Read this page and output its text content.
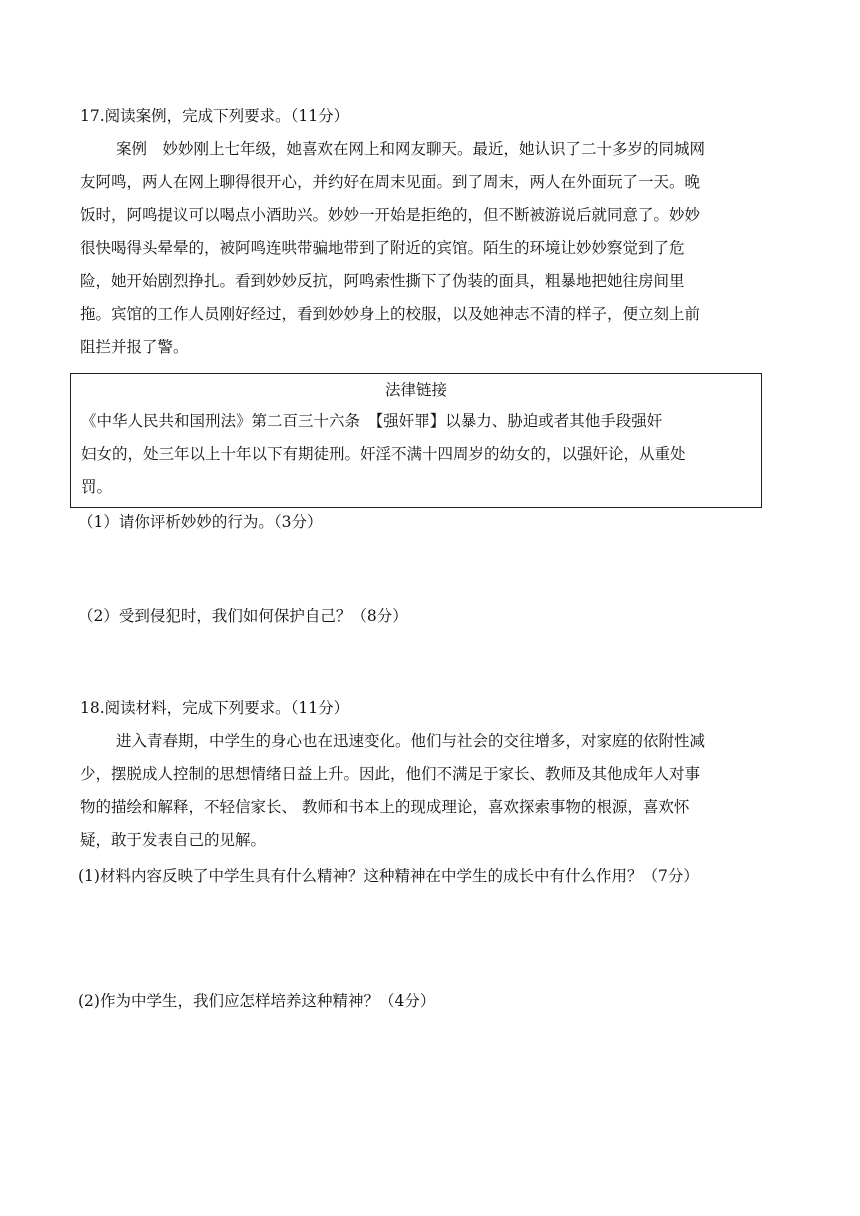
17.阅读案例，完成下列要求。（11分）
案例　妙妙刚上七年级，她喜欢在网上和网友聊天。最近，她认识了二十多岁的同城网
友阿鸣，两人在网上聊得很开心，并约好在周末见面。到了周末，两人在外面玩了一天。晚
饭时，阿鸣提议可以喝点小酒助兴。妙妙一开始是拒绝的，但不断被游说后就同意了。妙妙
很快喝得头晕晕的，被阿鸣连哄带骗地带到了附近的宾馆。陌生的环境让妙妙察觉到了危
险，她开始剧烈挣扎。看到妙妙反抗，阿鸣索性撕下了伪装的面具，粗暴地把她往房间里
拖。宾馆的工作人员刚好经过，看到妙妙身上的校服，以及她神志不清的样子，便立刻上前
阻拦并报了警。
法律链接
《中华人民共和国刑法》第二百三十六条　【强奸罪】以暴力、胁迫或者其他手段强奸
妇女的，处三年以上十年以下有期徒刑。奸淫不满十四周岁的幼女的，以强奸论，从重处
罚。
（1）请你评析妙妙的行为。（3分）
（2）受到侵犯时，我们如何保护自己？（8分）
18.阅读材料，完成下列要求。（11分）
进入青春期，中学生的身心也在迅速变化。他们与社会的交往增多，对家庭的依附性减
少，摆脱成人控制的思想情绪日益上升。因此，他们不满足于家长、教师及其他成年人对事
物的描绘和解释，不轻信家长、 教师和书本上的现成理论，喜欢探索事物的根源，喜欢怀
疑，敢于发表自己的见解。
(1)材料内容反映了中学生具有什么精神？这种精神在中学生的成长中有什么作用？（7分）
(2)作为中学生，我们应怎样培养这种精神？（4分）
